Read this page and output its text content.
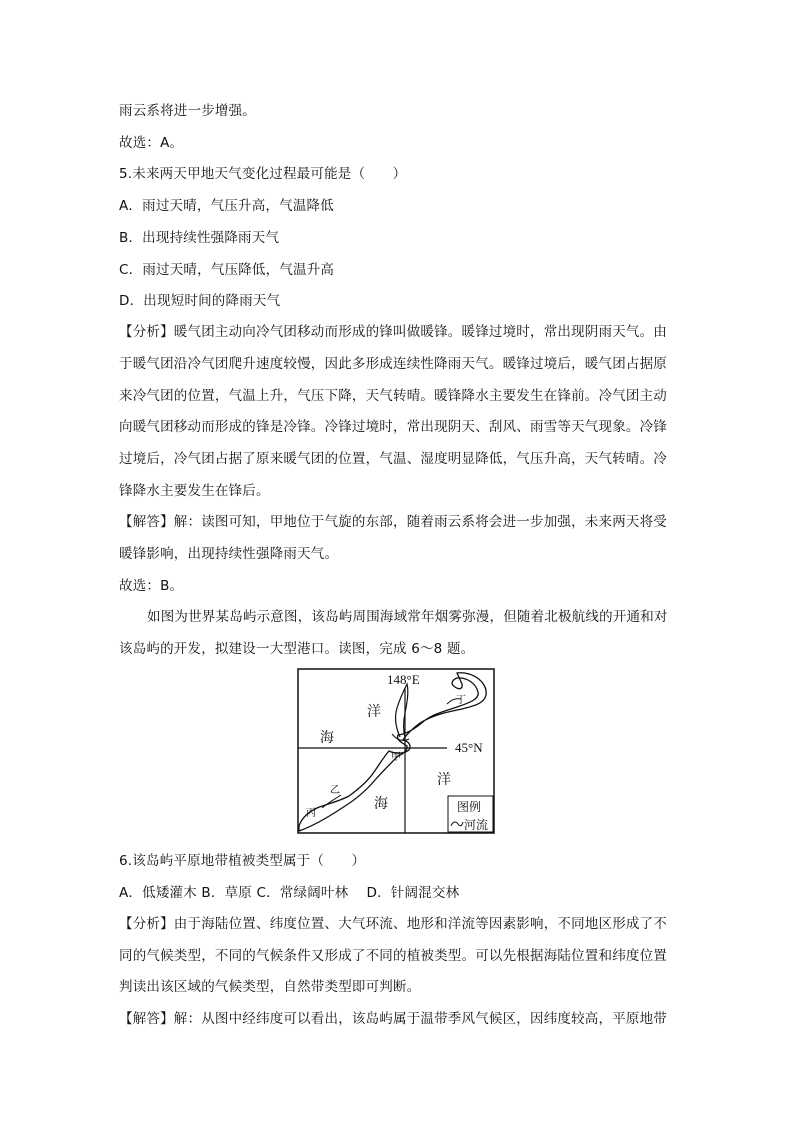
雨云系将进一步增强。
故选：A。
5.未来两天甲地天气变化过程最可能是（　　）
A．雨过天晴，气压升高，气温降低
B．出现持续性强降雨天气
C．雨过天晴，气压降低，气温升高
D．出现短时间的降雨天气
【分析】暖气团主动向冷气团移动而形成的锋叫做暖锋。暖锋过境时，常出现阴雨天气。由
于暖气团沿冷气团爬升速度较慢，因此多形成连续性降雨天气。暖锋过境后，暖气团占据原
来冷气团的位置，气温上升，气压下降，天气转晴。暖锋降水主要发生在锋前。冷气团主动
向暖气团移动而形成的锋是冷锋。冷锋过境时，常出现阴天、刮风、雨雪等天气现象。冷锋
过境后，冷气团占据了原来暖气团的位置，气温、湿度明显降低，气压升高，天气转晴。冷
锋降水主要发生在锋后。
【解答】解：读图可知，甲地位于气旋的东部，随着雨云系将会进一步加强，未来两天将受
暖锋影响，出现持续性强降雨天气。
故选：B。
如图为世界某岛屿示意图，该岛屿周围海域常年烟雾弥漫，但随着北极航线的开通和对
该岛屿的开发，拟建设一大型港口。读图，完成 6～8 题。
148°E
45°N
海
洋
洋
海
甲
乙
丙
丁
图例
河流
6.该岛屿平原地带植被类型属于（　　）
A．低矮灌木 B．草原 C．常绿阔叶林　 D．针阔混交林
【分析】由于海陆位置、纬度位置、大气环流、地形和洋流等因素影响，不同地区形成了不
同的气候类型，不同的气候条件又形成了不同的植被类型。可以先根据海陆位置和纬度位置
判读出该区域的气候类型，自然带类型即可判断。
【解答】解：从图中经纬度可以看出，该岛屿属于温带季风气候区，因纬度较高，平原地带
